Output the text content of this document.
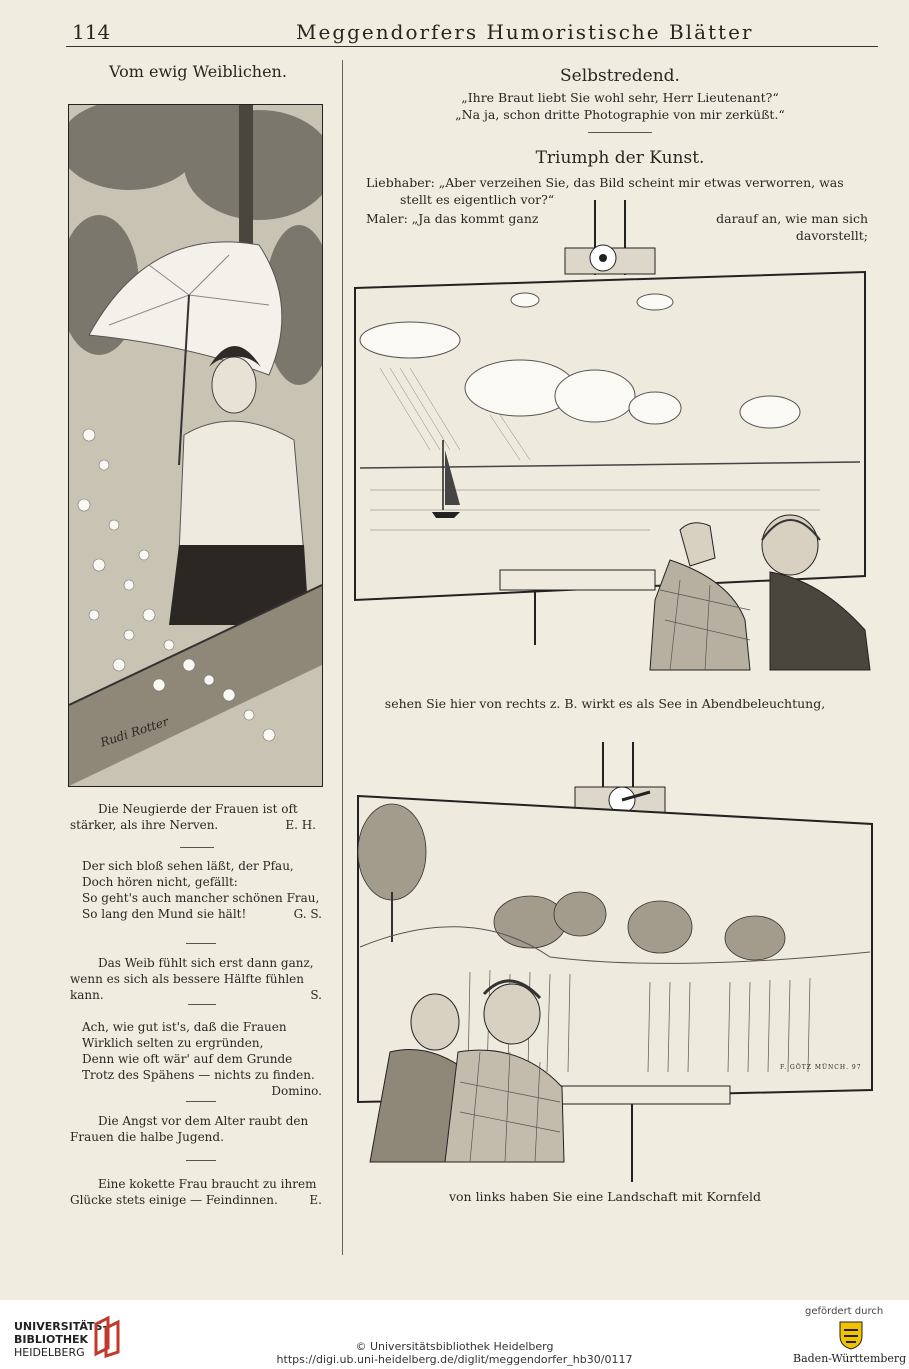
114	Meggendorfers Humoristische Blätter
Vom ewig Weiblichen.
Rudi Rotter
Die Neugierde der Frauen ist oft
stärker, als ihre Nerven.	E. H.
Der sich bloß sehen läßt, der Pfau,
Doch hören nicht, gefällt:
So geht's auch mancher schönen Frau,
So lang den Mund sie hält!	G. S.
Das Weib fühlt sich erst dann ganz,
wenn es sich als bessere Hälfte fühlen
kann.	S.
Ach, wie gut ist's, daß die Frauen
Wirklich selten zu ergründen,
Denn wie oft wär' auf dem Grunde
Trotz des Spähens — nichts zu finden.
Domino.
Die Angst vor dem Alter raubt den
Frauen die halbe Jugend.
Eine kokette Frau braucht zu ihrem
Glücke stets einige — Feindinnen.	E.
Selbstredend.
„Ihre Braut liebt Sie wohl sehr, Herr Lieutenant?“
„Na ja, schon dritte Photographie von mir zerküßt.“
Triumph der Kunst.
Liebhaber: „Aber verzeihen Sie, das Bild scheint mir etwas verworren, was
stellt es eigentlich vor?“
Maler: „Ja das kommt ganz	darauf an, wie man sich davorstellt;
sehen Sie hier von rechts z. B. wirkt es als See in Abendbeleuchtung,
F. GÖTZ MÜNCH. 97
von links haben Sie eine Landschaft mit Kornfeld
UNIVERSITÄTS-
BIBLIOTHEK
HEIDELBERG	© Universitätsbibliothek Heidelberg
https://digi.ub.uni-heidelberg.de/diglit/meggendorfer_hb30/0117
gefördert durch
Baden-Württemberg
